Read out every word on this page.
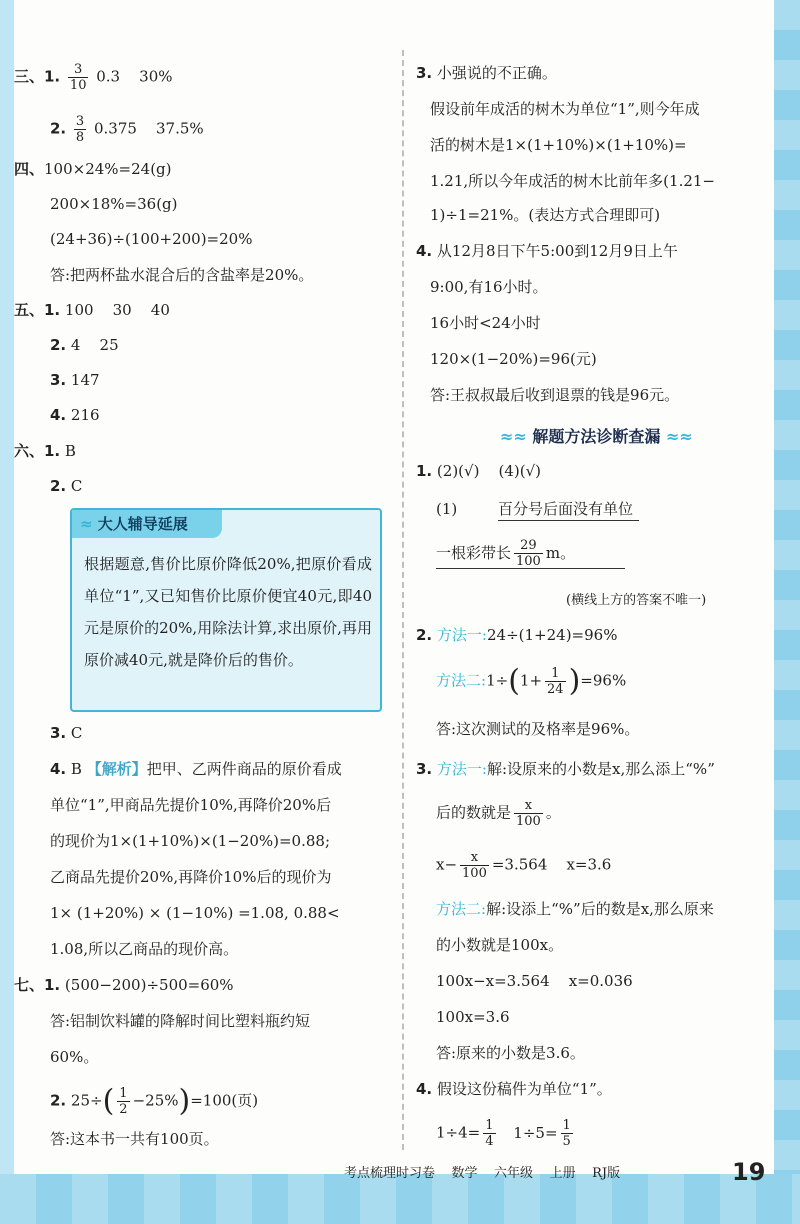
三、1. $\frac{3}{10} 0.3$    30%
2. $\frac{3}{8} 0.375$    37.5%
四、100×24%=24(g)
200×18%=36(g)
(24+36)÷(100+200)=20%
答:把两杯盐水混合后的含盐率是20%。
五、1. 100    30    40
2. 4    25
3. 147
4. 216
六、1. B
2. C
3. C
4. B 【解析】把甲、乙两件商品的原价看成
单位“1”,甲商品先提价10%,再降价20%后
的现价为1×(1+10%)×(1−20%)=0.88;
乙商品先提价20%,再降价10%后的现价为
1× (1+20%) × (1−10%) =1.08, 0.88<
1.08,所以乙商品的现价高。
七、1. (500−200)÷500=60%
答:铝制饮料罐的降解时间比塑料瓶约短
60%。
2. $25\div( \frac{1}{2} -25\%)=100$(页)
答:这本书一共有100页。
≈ 大人辅导延展
根据题意,售价比原价降低20%,把原价看成单位“1”,又已知售价比原价便宜40元,即40元是原价的20%,用除法计算,求出原价,再用原价减40元,就是降价后的售价。
3. 小强说的不正确。
假设前年成活的树木为单位“1”,则今年成
活的树木是1×(1+10%)×(1+10%)=
1.21,所以今年成活的树木比前年多(1.21−
1)÷1=21%。(表达方式合理即可)
4. 从12月8日下午5:00到12月9日上午
9:00,有16小时。
16小时<24小时
120×(1−20%)=96(元)
答:王叔叔最后收到退票的钱是96元。
1. (2)(√)    (4)(√)
(1)	百分号后面没有单位
一根彩带长 $\frac{29}{100}$ m。
(横线上方的答案不唯一)
2. 方法一:24÷(1+24)=96%
方法二:1÷(1+ $\frac{1}{24} )=96\%$
答:这次测试的及格率是96%。
3. 方法一:解:设原来的小数是x,那么添上“%”
后的数就是 $\frac{x}{100}$ 。
$x- \frac{x}{100} =3.564$    x=3.6
方法二:解:设添上“%”后的数是x,那么原来
的小数就是100x。
100x−x=3.564    x=0.036
100x=3.6
答:原来的小数是3.6。
4. 假设这份稿件为单位“1”。
$1\div 4= \frac{1}{4} 1\div 5= \frac{1}{5}$
≈≈ 解题方法诊断查漏 ≈≈
考点梳理时习卷    数学    六年级    上册    RJ版	19
